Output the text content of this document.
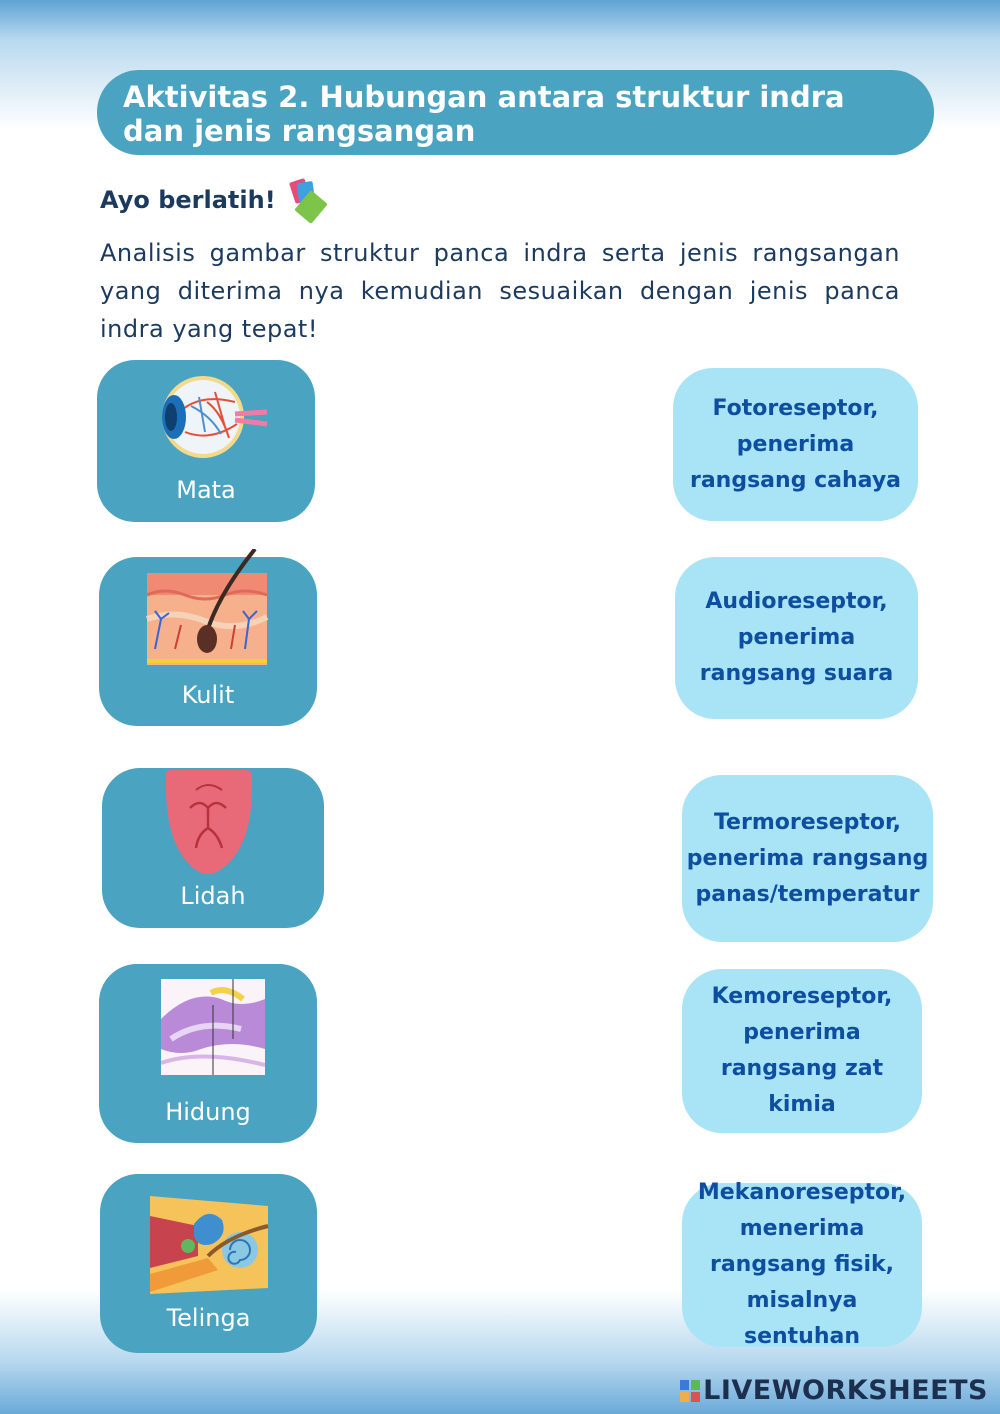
Aktivitas 2. Hubungan antara struktur indra dan jenis rangsangan
Ayo berlatih!
Analisis gambar struktur panca indra serta jenis rangsangan yang diterima nya kemudian sesuaikan dengan jenis panca indra yang tepat!
Mata
Kulit
Lidah
Hidung
Telinga
Fotoreseptor,
penerima
rangsang cahaya
Audioreseptor,
penerima
rangsang suara
Termoreseptor,
penerima rangsang
panas/temperatur
Kemoreseptor,
penerima
rangsang zat kimia
Mekanoreseptor,
menerima
rangsang fisik,
misalnya sentuhan
LIVEWORKSHEETS
